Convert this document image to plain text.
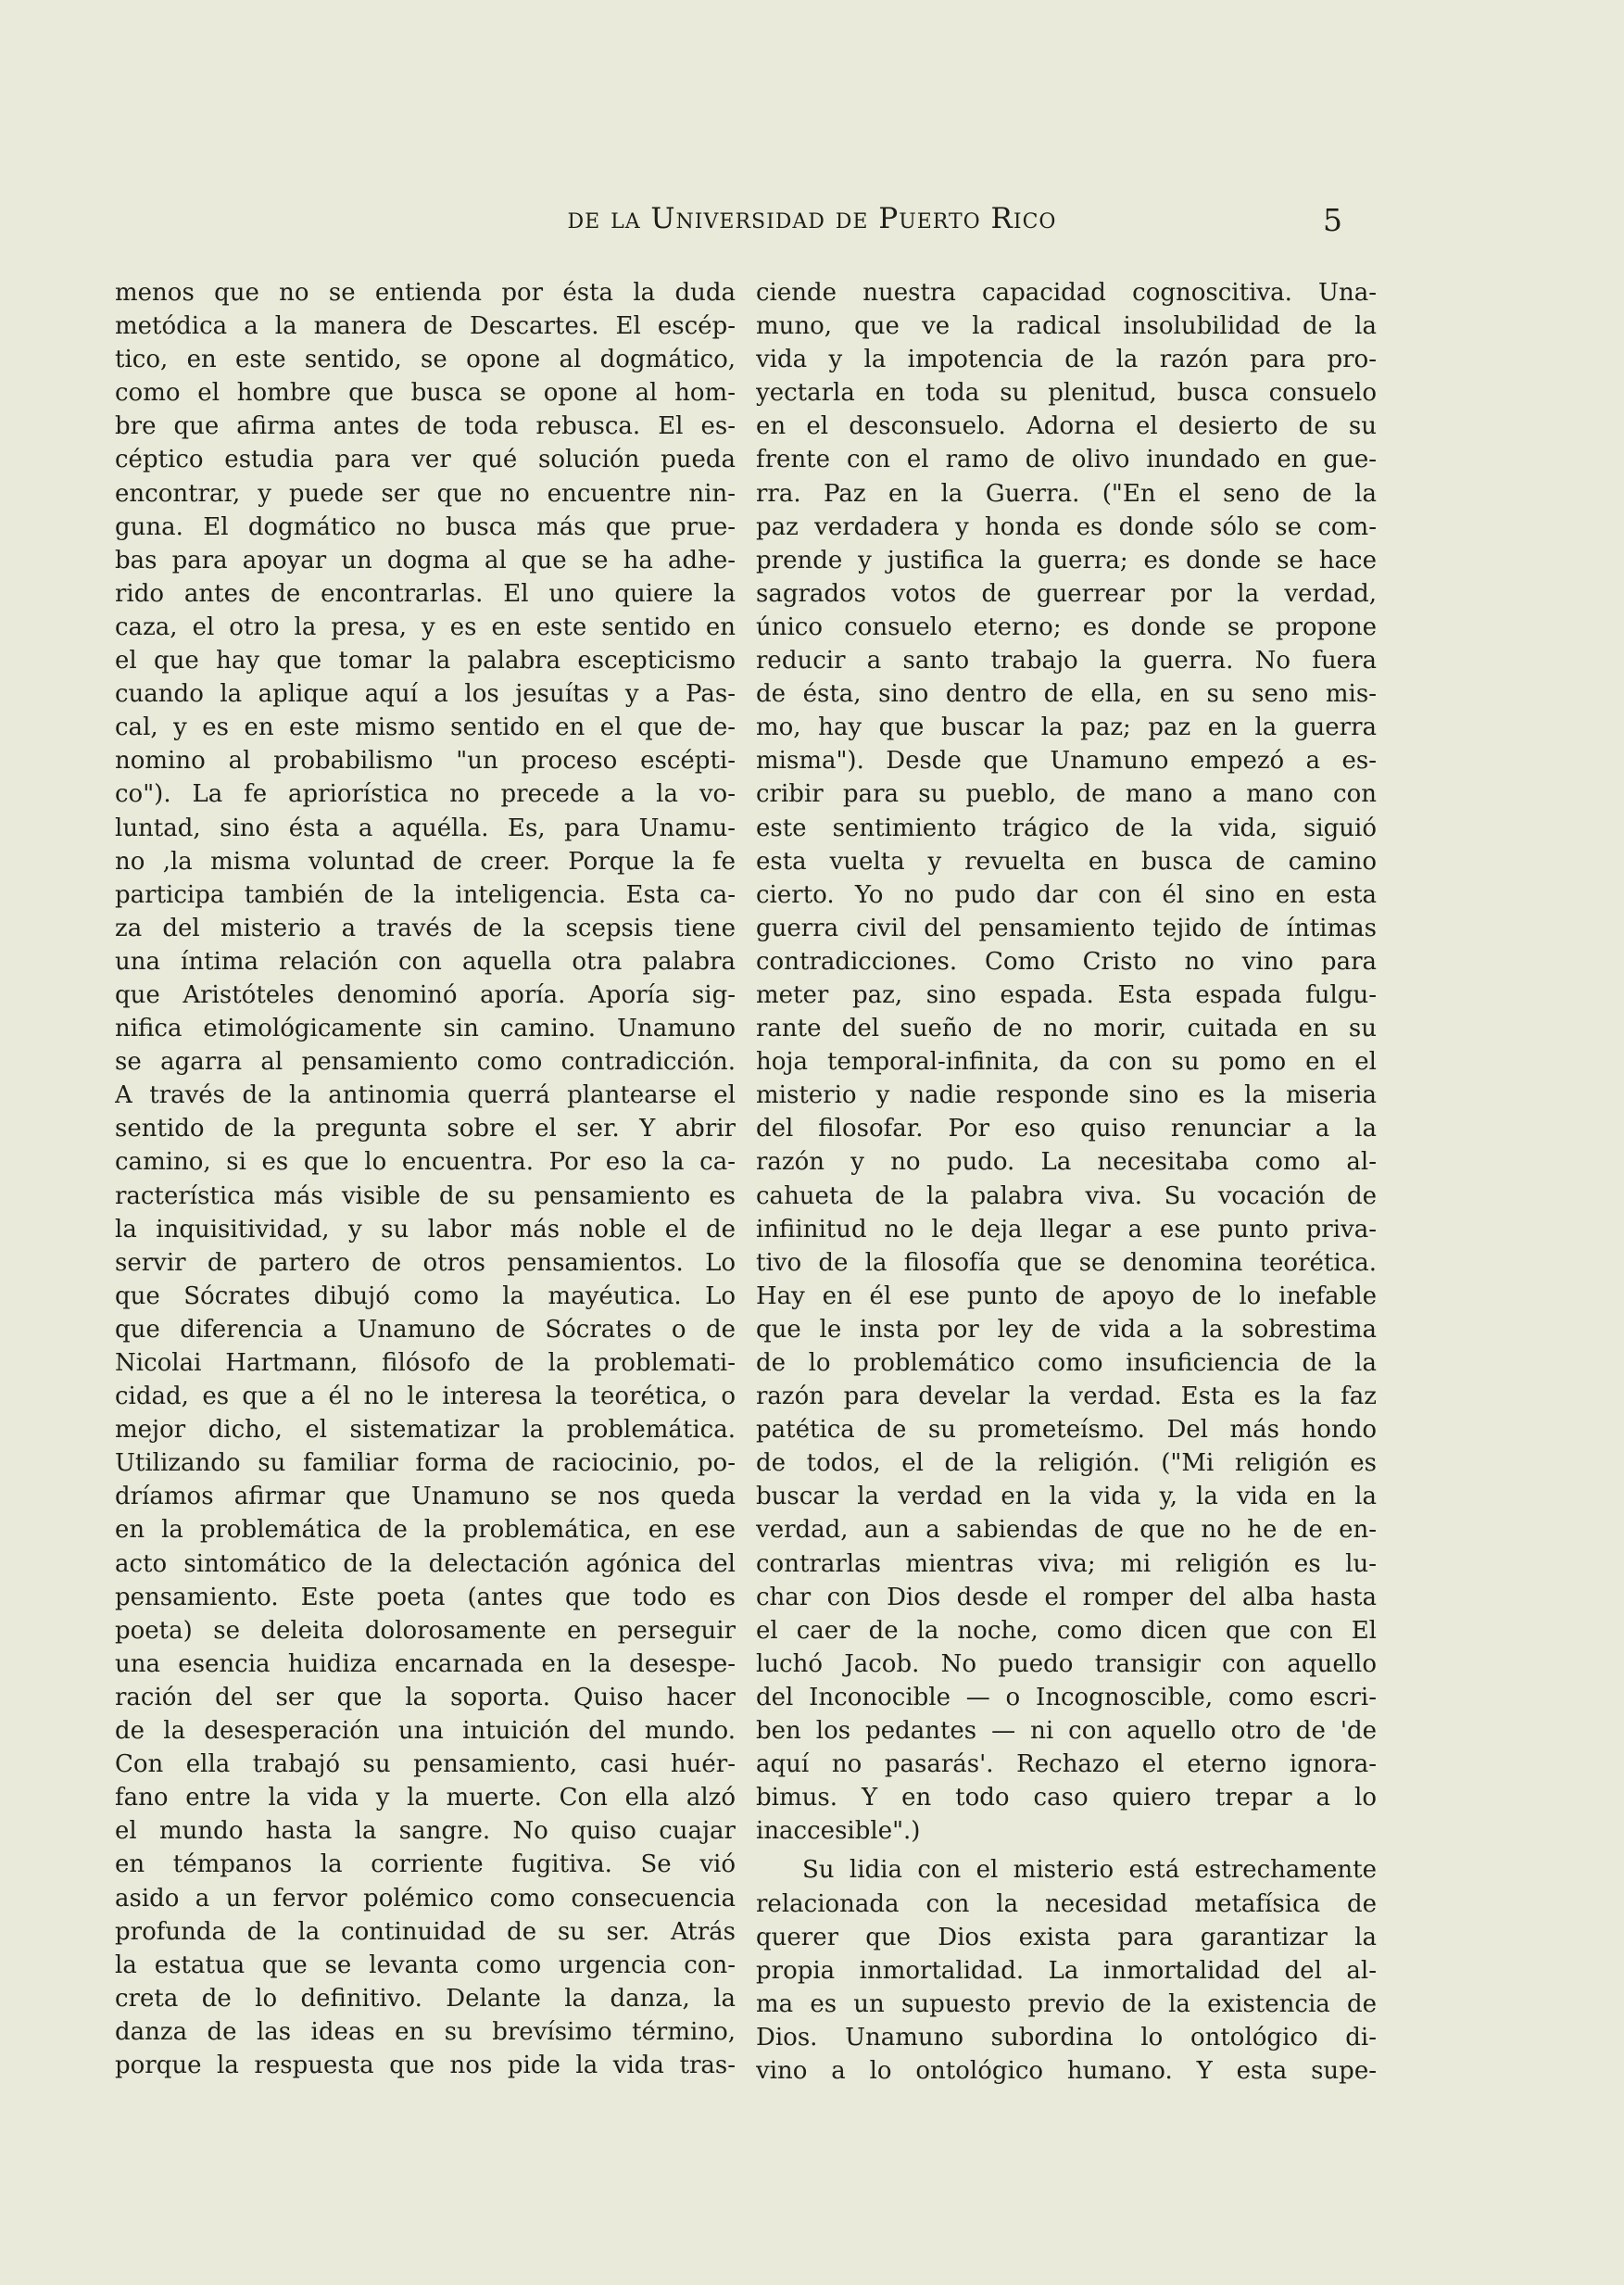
de la Universidad de Puerto Rico	5
menos que no se entienda por ésta la duda
metódica a la manera de Descartes. El escép-
tico, en este sentido, se opone al dogmático,
como el hombre que busca se opone al hom-
bre que afirma antes de toda rebusca. El es-
céptico estudia para ver qué solución pueda
encontrar, y puede ser que no encuentre nin-
guna. El dogmático no busca más que prue-
bas para apoyar un dogma al que se ha adhe-
rido antes de encontrarlas. El uno quiere la
caza, el otro la presa, y es en este sentido en
el que hay que tomar la palabra escepticismo
cuando la aplique aquí a los jesuítas y a Pas-
cal, y es en este mismo sentido en el que de-
nomino al probabilismo "un proceso escépti-
co"). La fe apriorística no precede a la vo-
luntad, sino ésta a aquélla. Es, para Unamu-
no ,la misma voluntad de creer. Porque la fe
participa también de la inteligencia. Esta ca-
za del misterio a través de la scepsis tiene
una íntima relación con aquella otra palabra
que Aristóteles denominó aporía. Aporía sig-
nifica etimológicamente sin camino. Unamuno
se agarra al pensamiento como contradicción.
A través de la antinomia querrá plantearse el
sentido de la pregunta sobre el ser. Y abrir
camino, si es que lo encuentra. Por eso la ca-
racterística más visible de su pensamiento es
la inquisitividad, y su labor más noble el de
servir de partero de otros pensamientos. Lo
que Sócrates dibujó como la mayéutica. Lo
que diferencia a Unamuno de Sócrates o de
Nicolai Hartmann, filósofo de la problemati-
cidad, es que a él no le interesa la teorética, o
mejor dicho, el sistematizar la problemática.
Utilizando su familiar forma de raciocinio, po-
dríamos afirmar que Unamuno se nos queda
en la problemática de la problemática, en ese
acto sintomático de la delectación agónica del
pensamiento. Este poeta (antes que todo es
poeta) se deleita dolorosamente en perseguir
una esencia huidiza encarnada en la desespe-
ración del ser que la soporta. Quiso hacer
de la desesperación una intuición del mundo.
Con ella trabajó su pensamiento, casi huér-
fano entre la vida y la muerte. Con ella alzó
el mundo hasta la sangre. No quiso cuajar
en témpanos la corriente fugitiva. Se vió
asido a un fervor polémico como consecuencia
profunda de la continuidad de su ser. Atrás
la estatua que se levanta como urgencia con-
creta de lo definitivo. Delante la danza, la
danza de las ideas en su brevísimo término,
porque la respuesta que nos pide la vida tras-
ciende nuestra capacidad cognoscitiva. Una-
muno, que ve la radical insolubilidad de la
vida y la impotencia de la razón para pro-
yectarla en toda su plenitud, busca consuelo
en el desconsuelo. Adorna el desierto de su
frente con el ramo de olivo inundado en gue-
rra. Paz en la Guerra. ("En el seno de la
paz verdadera y honda es donde sólo se com-
prende y justifica la guerra; es donde se hace
sagrados votos de guerrear por la verdad,
único consuelo eterno; es donde se propone
reducir a santo trabajo la guerra. No fuera
de ésta, sino dentro de ella, en su seno mis-
mo, hay que buscar la paz; paz en la guerra
misma"). Desde que Unamuno empezó a es-
cribir para su pueblo, de mano a mano con
este sentimiento trágico de la vida, siguió
esta vuelta y revuelta en busca de camino
cierto. Yo no pudo dar con él sino en esta
guerra civil del pensamiento tejido de íntimas
contradicciones. Como Cristo no vino para
meter paz, sino espada. Esta espada fulgu-
rante del sueño de no morir, cuitada en su
hoja temporal-infinita, da con su pomo en el
misterio y nadie responde sino es la miseria
del filosofar. Por eso quiso renunciar a la
razón y no pudo. La necesitaba como al-
cahueta de la palabra viva. Su vocación de
infiinitud no le deja llegar a ese punto priva-
tivo de la filosofía que se denomina teorética.
Hay en él ese punto de apoyo de lo inefable
que le insta por ley de vida a la sobrestima
de lo problemático como insuficiencia de la
razón para develar la verdad. Esta es la faz
patética de su prometeísmo. Del más hondo
de todos, el de la religión. ("Mi religión es
buscar la verdad en la vida y, la vida en la
verdad, aun a sabiendas de que no he de en-
contrarlas mientras viva; mi religión es lu-
char con Dios desde el romper del alba hasta
el caer de la noche, como dicen que con El
luchó Jacob. No puedo transigir con aquello
del Inconocible — o Incognoscible, como escri-
ben los pedantes — ni con aquello otro de 'de
aquí no pasarás'. Rechazo el eterno ignora-
bimus. Y en todo caso quiero trepar a lo
inaccesible".)
Su lidia con el misterio está estrechamente
relacionada con la necesidad metafísica de
querer que Dios exista para garantizar la
propia inmortalidad. La inmortalidad del al-
ma es un supuesto previo de la existencia de
Dios. Unamuno subordina lo ontológico di-
vino a lo ontológico humano. Y esta supe-
